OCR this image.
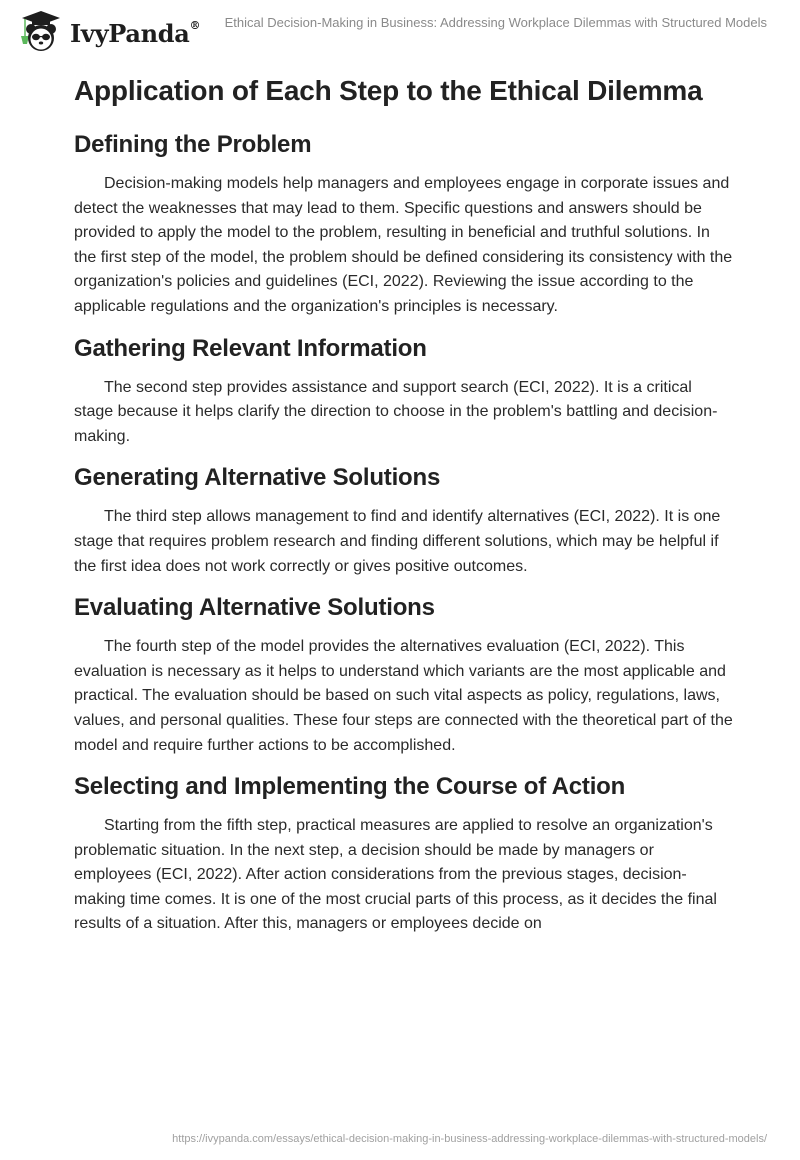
IvyPanda® Ethical Decision-Making in Business: Addressing Workplace Dilemmas with Structured Models
Application of Each Step to the Ethical Dilemma
Defining the Problem

Decision-making models help managers and employees engage in corporate issues and detect the weaknesses that may lead to them. Specific questions and answers should be provided to apply the model to the problem, resulting in beneficial and truthful solutions. In the first step of the model, the problem should be defined considering its consistency with the organization's policies and guidelines (ECI, 2022). Reviewing the issue according to the applicable regulations and the organization's principles is necessary.

Gathering Relevant Information

The second step provides assistance and support search (ECI, 2022). It is a critical stage because it helps clarify the direction to choose in the problem's battling and decision-making.

Generating Alternative Solutions

The third step allows management to find and identify alternatives (ECI, 2022). It is one stage that requires problem research and finding different solutions, which may be helpful if the first idea does not work correctly or gives positive outcomes.

Evaluating Alternative Solutions

The fourth step of the model provides the alternatives evaluation (ECI, 2022). This evaluation is necessary as it helps to understand which variants are the most applicable and practical. The evaluation should be based on such vital aspects as policy, regulations, laws, values, and personal qualities. These four steps are connected with the theoretical part of the model and require further actions to be accomplished.

Selecting and Implementing the Course of Action

Starting from the fifth step, practical measures are applied to resolve an organization's problematic situation. In the next step, a decision should be made by managers or employees (ECI, 2022). After action considerations from the previous stages, decision-making time comes. It is one of the most crucial parts of this process, as it decides the final results of a situation. After this, managers or employees decide on

https://ivypanda.com/essays/ethical-decision-making-in-business-addressing-workplace-dilemmas-with-structured-models/
